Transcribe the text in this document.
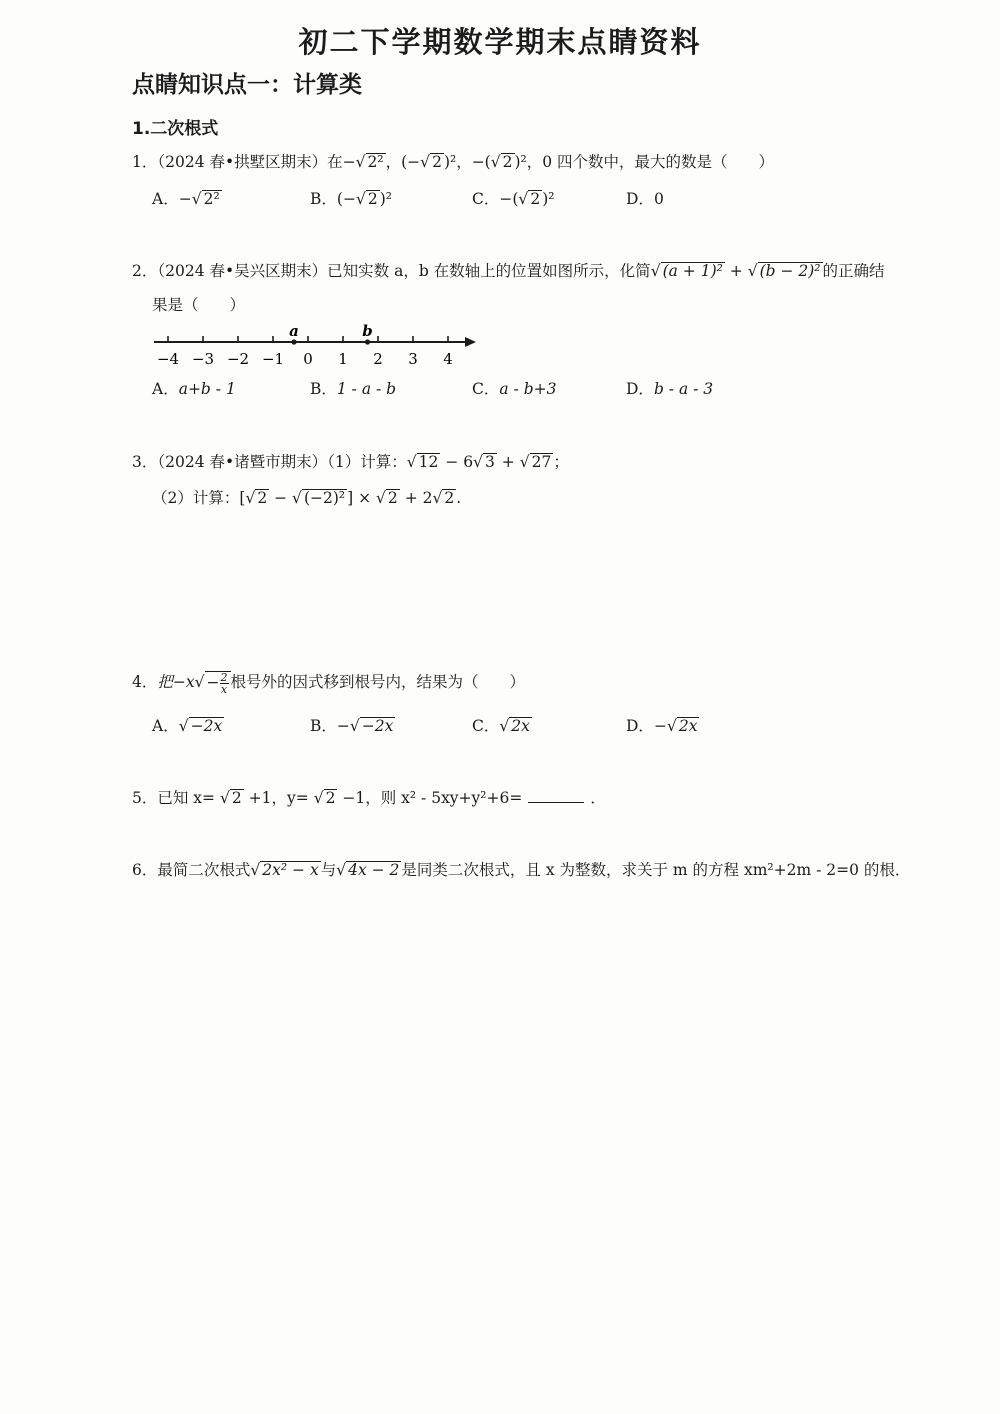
初二下学期数学期末点睛资料
点睛知识点一：计算类
1.二次根式
1．（2024 春•拱墅区期末）在−√ 2² ，(−√ 2 )²，−(√ 2 )²，0 四个数中，最大的数是（　　）
A．−√ 2²	B．(−√ 2 )²	C．−(√ 2 )²	D．0
2．（2024 春•吴兴区期末）已知实数 a，b 在数轴上的位置如图所示，化简√ (a + 1)² + √ (b − 2)² 的正确结
果是（　　）
−4 −3 −2 −1 0 1 2 3 4
a	b
A．a+b - 1	B．1 - a - b	C．a - b+3	D．b - a - 3
3．（2024 春•诸暨市期末）（1）计算：√ 12 − 6√ 3 + √ 27 ；
（2）计算：[√ 2 − √ (−2)² ] × √ 2 + 2√ 2 .
4．把$-x√ - \frac{2}{x}$ 根号外的因式移到根号内，结果为（　　）
A．√ −2x	B．−√ −2x	C．√ 2x	D．−√ 2x
5．已知 x= √ 2 +1，y= √ 2 −1，则 x² - 5xy+y²+6=	．
6．最简二次根式√ 2x² − x 与√ 4x − 2 是同类二次根式，且 x 为整数，求关于 m 的方程 xm²+2m - 2=0 的根．
